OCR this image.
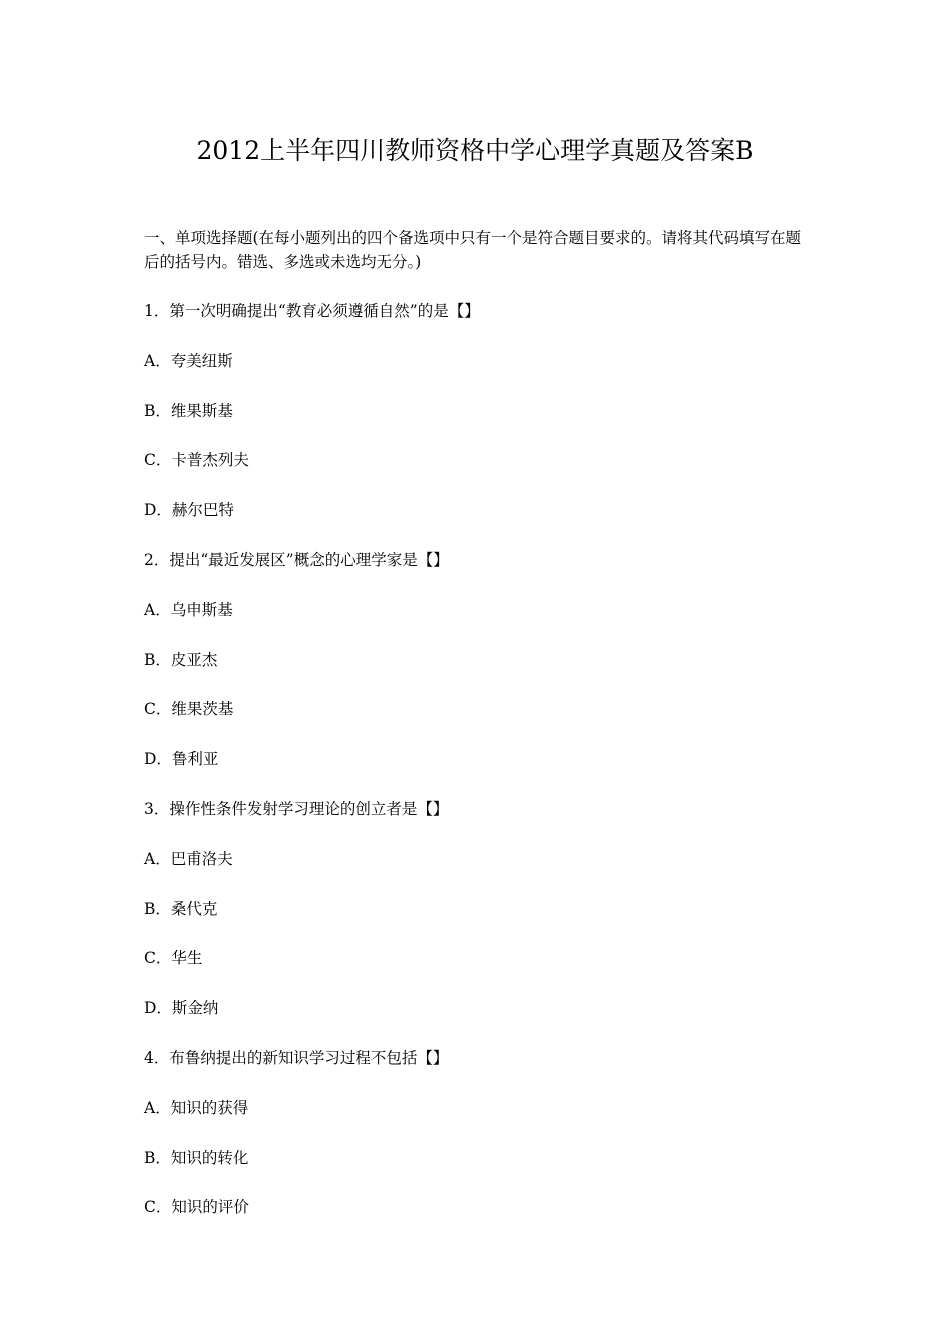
2012上半年四川教师资格中学心理学真题及答案B
一、单项选择题(在每小题列出的四个备选项中只有一个是符合题目要求的。请将其代码填写在题后的括号内。错选、多选或未选均无分。)
1．第一次明确提出“教育必须遵循自然”的是【】
A．夸美纽斯
B．维果斯基
C．卡普杰列夫
D．赫尔巴特
2．提出“最近发展区”概念的心理学家是【】
A．乌申斯基
B．皮亚杰
C．维果茨基
D．鲁利亚
3．操作性条件发射学习理论的创立者是【】
A．巴甫洛夫
B．桑代克
C．华生
D．斯金纳
4．布鲁纳提出的新知识学习过程不包括【】
A．知识的获得
B．知识的转化
C．知识的评价
